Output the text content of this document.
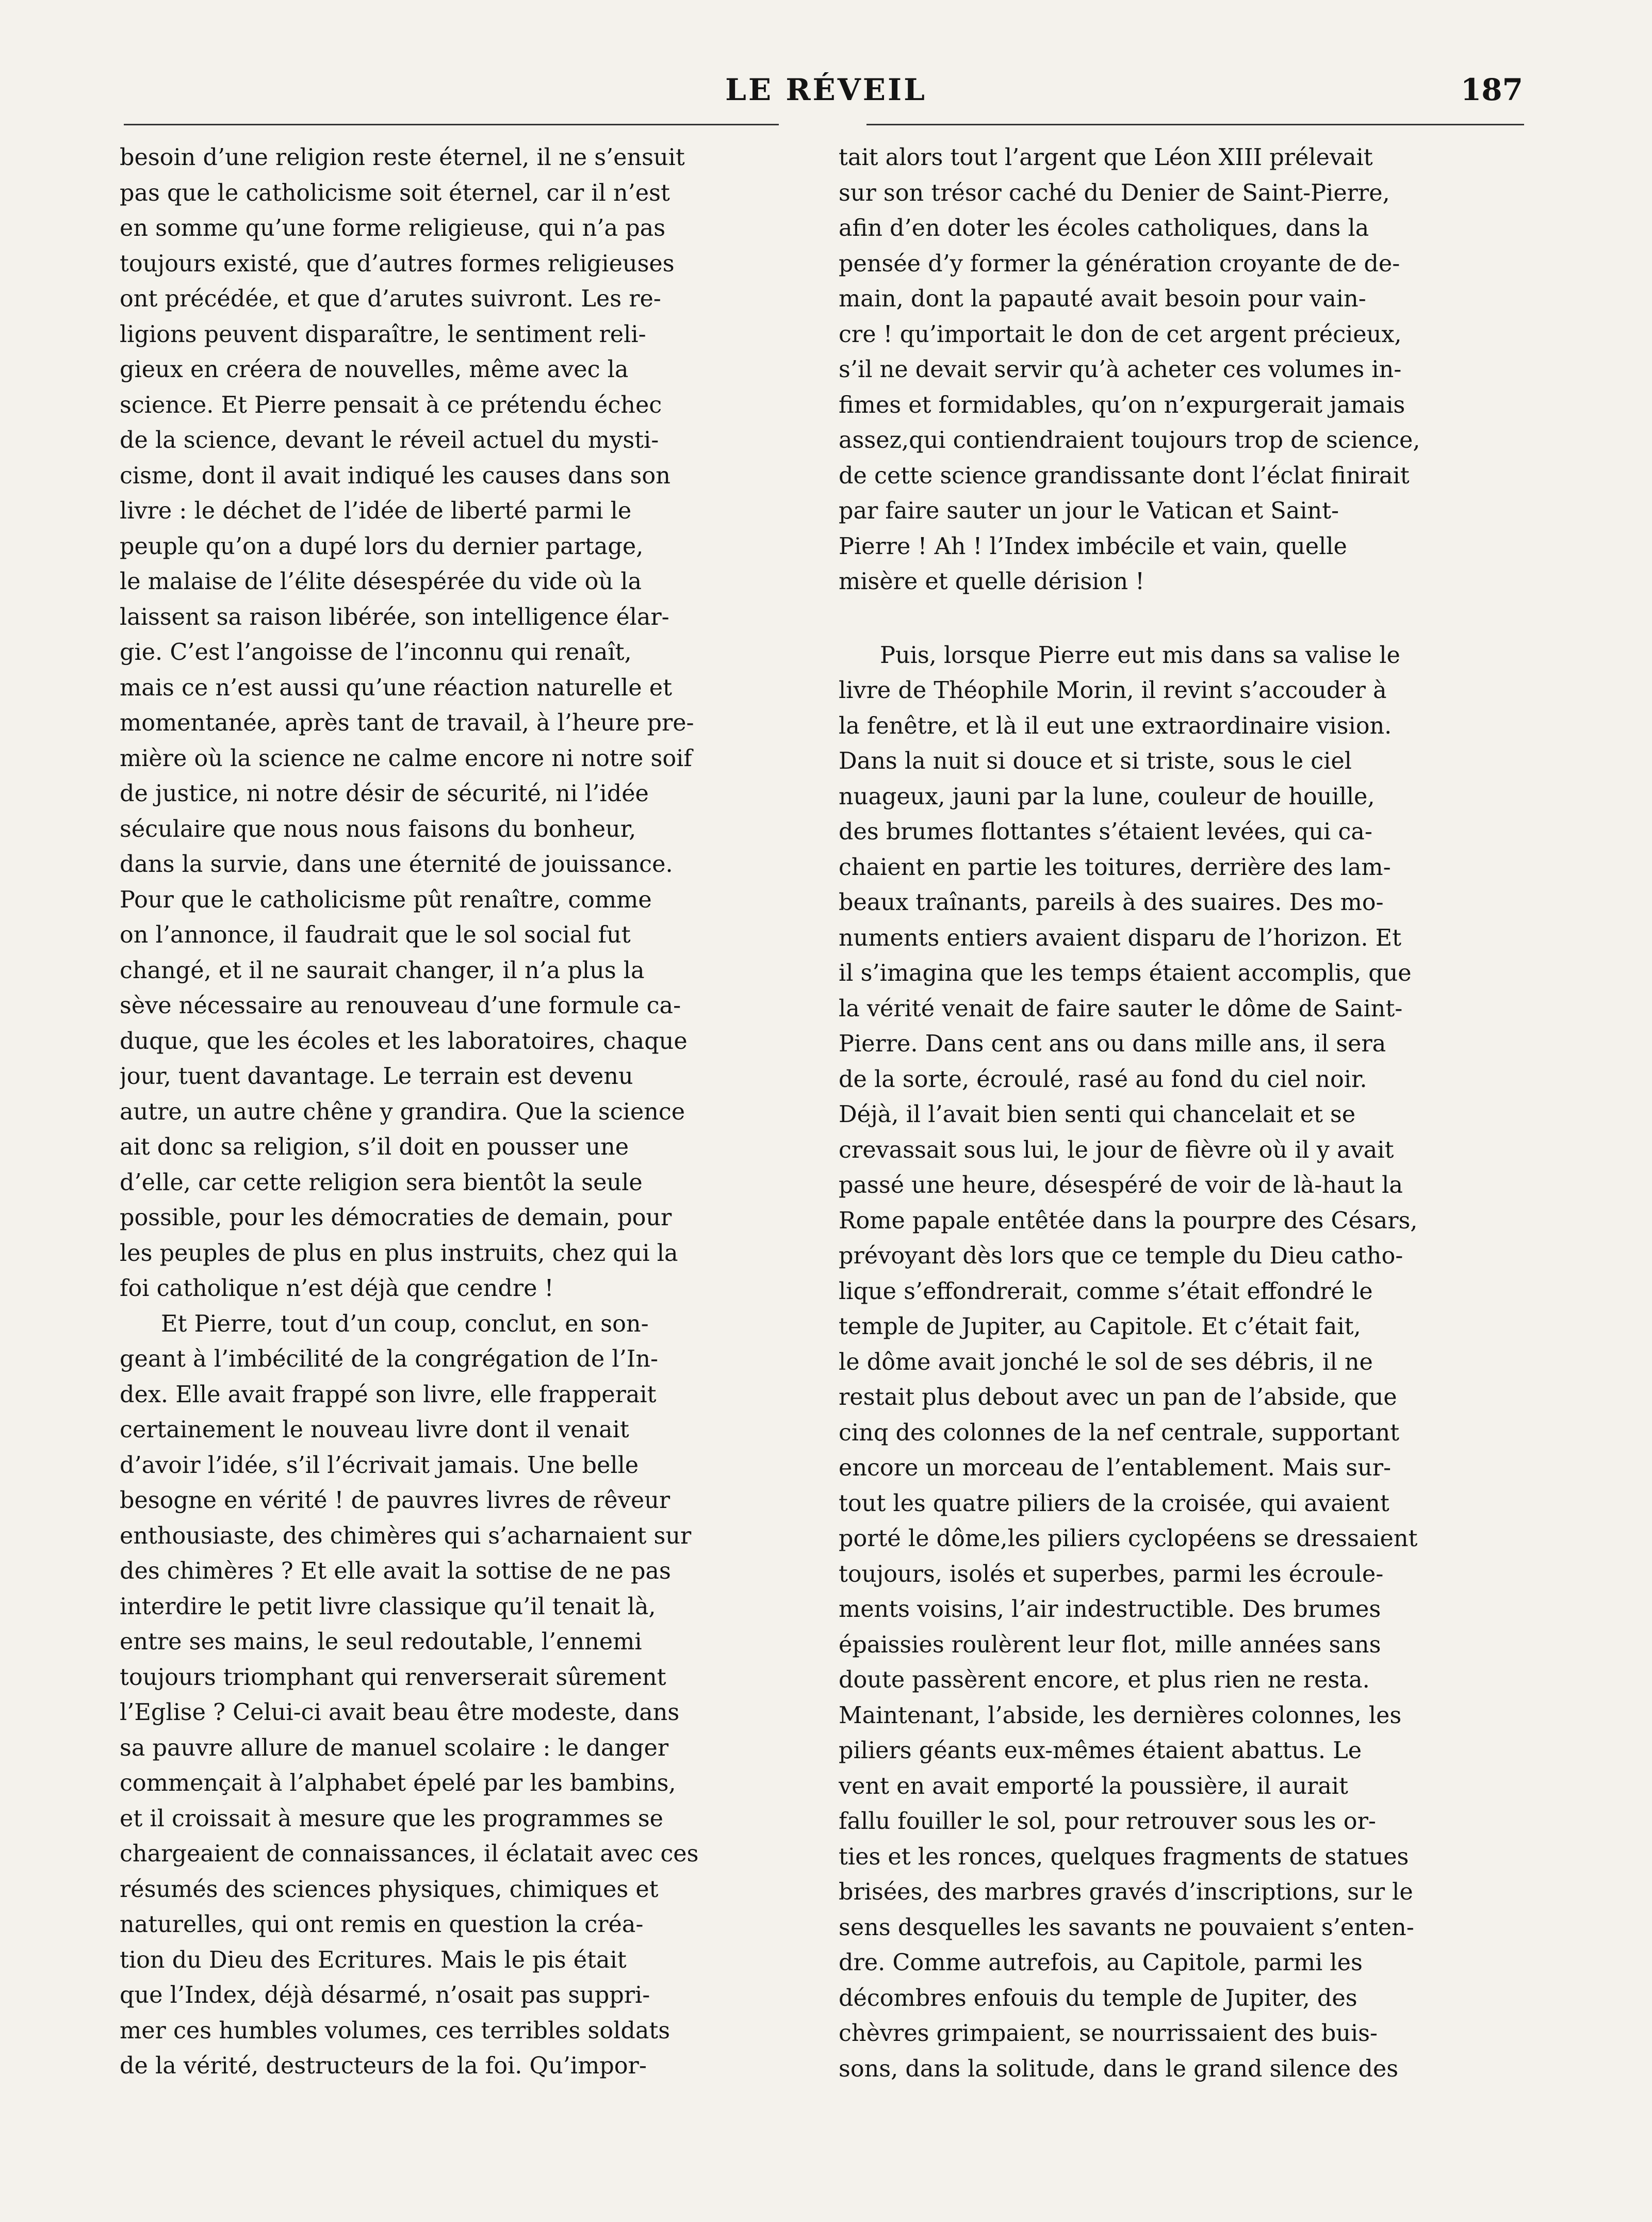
LE RÉVEIL	187

besoin d’une religion reste éternel, il ne s’ensuit
pas que le catholicisme soit éternel, car il n’est
en somme qu’une forme religieuse, qui n’a pas
toujours existé, que d’autres formes religieuses
ont précédée, et que d’arutes suivront. Les re-
ligions peuvent disparaître, le sentiment reli-
gieux en créera de nouvelles, même avec la
science. Et Pierre pensait à ce prétendu échec
de la science, devant le réveil actuel du mysti-
cisme, dont il avait indiqué les causes dans son
livre : le déchet de l’idée de liberté parmi le
peuple qu’on a dupé lors du dernier partage,
le malaise de l’élite désespérée du vide où la
laissent sa raison libérée, son intelligence élar-
gie. C’est l’angoisse de l’inconnu qui renaît,
mais ce n’est aussi qu’une réaction naturelle et
momentanée, après tant de travail, à l’heure pre-
mière où la science ne calme encore ni notre soif
de justice, ni notre désir de sécurité, ni l’idée
séculaire que nous nous faisons du bonheur,
dans la survie, dans une éternité de jouissance.
Pour que le catholicisme pût renaître, comme
on l’annonce, il faudrait que le sol social fut
changé, et il ne saurait changer, il n’a plus la
sève nécessaire au renouveau d’une formule ca-
duque, que les écoles et les laboratoires, chaque
jour, tuent davantage. Le terrain est devenu
autre, un autre chêne y grandira. Que la science
ait donc sa religion, s’il doit en pousser une
d’elle, car cette religion sera bientôt la seule
possible, pour les démocraties de demain, pour
les peuples de plus en plus instruits, chez qui la
foi catholique n’est déjà que cendre !

Et Pierre, tout d’un coup, conclut, en son-
geant à l’imbécilité de la congrégation de l’In-
dex. Elle avait frappé son livre, elle frapperait
certainement le nouveau livre dont il venait
d’avoir l’idée, s’il l’écrivait jamais. Une belle
besogne en vérité ! de pauvres livres de rêveur
enthousiaste, des chimères qui s’acharnaient sur
des chimères ? Et elle avait la sottise de ne pas
interdire le petit livre classique qu’il tenait là,
entre ses mains, le seul redoutable, l’ennemi
toujours triomphant qui renverserait sûrement
l’Eglise ? Celui-ci avait beau être modeste, dans
sa pauvre allure de manuel scolaire : le danger
commençait à l’alphabet épelé par les bambins,
et il croissait à mesure que les programmes se
chargeaient de connaissances, il éclatait avec ces
résumés des sciences physiques, chimiques et
naturelles, qui ont remis en question la créa-
tion du Dieu des Ecritures. Mais le pis était
que l’Index, déjà désarmé, n’osait pas suppri-
mer ces humbles volumes, ces terribles soldats
de la vérité, destructeurs de la foi. Qu’impor-

tait alors tout l’argent que Léon XIII prélevait
sur son trésor caché du Denier de Saint-Pierre,
afin d’en doter les écoles catholiques, dans la
pensée d’y former la génération croyante de de-
main, dont la papauté avait besoin pour vain-
cre ! qu’importait le don de cet argent précieux,
s’il ne devait servir qu’à acheter ces volumes in-
fimes et formidables, qu’on n’expurgerait jamais
assez,qui contiendraient toujours trop de science,
de cette science grandissante dont l’éclat finirait
par faire sauter un jour le Vatican et Saint-
Pierre ! Ah ! l’Index imbécile et vain, quelle
misère et quelle dérision !

Puis, lorsque Pierre eut mis dans sa valise le
livre de Théophile Morin, il revint s’accouder à
la fenêtre, et là il eut une extraordinaire vision.
Dans la nuit si douce et si triste, sous le ciel
nuageux, jauni par la lune, couleur de houille,
des brumes flottantes s’étaient levées, qui ca-
chaient en partie les toitures, derrière des lam-
beaux traînants, pareils à des suaires. Des mo-
numents entiers avaient disparu de l’horizon. Et
il s’imagina que les temps étaient accomplis, que
la vérité venait de faire sauter le dôme de Saint-
Pierre. Dans cent ans ou dans mille ans, il sera
de la sorte, écroulé, rasé au fond du ciel noir.
Déjà, il l’avait bien senti qui chancelait et se
crevassait sous lui, le jour de fièvre où il y avait
passé une heure, désespéré de voir de là-haut la
Rome papale entêtée dans la pourpre des Césars,
prévoyant dès lors que ce temple du Dieu catho-
lique s’effondrerait, comme s’était effondré le
temple de Jupiter, au Capitole. Et c’était fait,
le dôme avait jonché le sol de ses débris, il ne
restait plus debout avec un pan de l’abside, que
cinq des colonnes de la nef centrale, supportant
encore un morceau de l’entablement. Mais sur-
tout les quatre piliers de la croisée, qui avaient
porté le dôme,les piliers cyclopéens se dressaient
toujours, isolés et superbes, parmi les écroule-
ments voisins, l’air indestructible. Des brumes
épaissies roulèrent leur flot, mille années sans
doute passèrent encore, et plus rien ne resta.
Maintenant, l’abside, les dernières colonnes, les
piliers géants eux-mêmes étaient abattus. Le
vent en avait emporté la poussière, il aurait
fallu fouiller le sol, pour retrouver sous les or-
ties et les ronces, quelques fragments de statues
brisées, des marbres gravés d’inscriptions, sur le
sens desquelles les savants ne pouvaient s’enten-
dre. Comme autrefois, au Capitole, parmi les
décombres enfouis du temple de Jupiter, des
chèvres grimpaient, se nourrissaient des buis-
sons, dans la solitude, dans le grand silence des
